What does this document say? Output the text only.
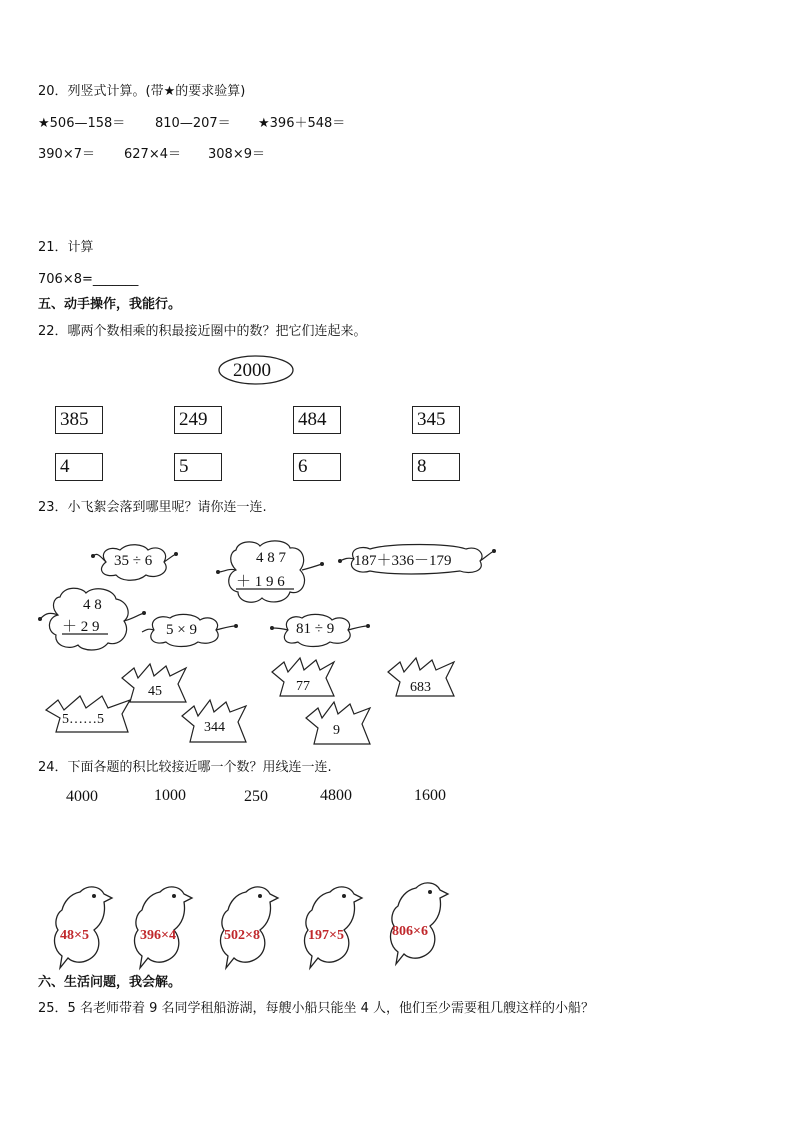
20．列竖式计算。(带★的要求验算)
★506—158＝ 810—207＝ ★396＋548＝
390×7＝ 627×4＝ 308×9＝
21．计算
706×8=_______
五、动手操作，我能行。
22．哪两个数相乘的积最接近圈中的数？把它们连起来。
2000
385	249	484	345
4	5	6	8
23．小飞絮会落到哪里呢？请你连一连.
35 ÷ 6	4 8 7
＋ 1 9 6
187＋336－179
4 8
＋ 2 9	5 × 9	81 ÷ 9
45
5……5
344
77
9
683
24．下面各题的积比较接近哪一个数？用线连一连.
4000	1000	250	4800	1600
48×5	396×4	502×8	197×5	806×6
六、生活问题，我会解。
25．5 名老师带着 9 名同学租船游湖，每艘小船只能坐 4 人，他们至少需要租几艘这样的小船？
